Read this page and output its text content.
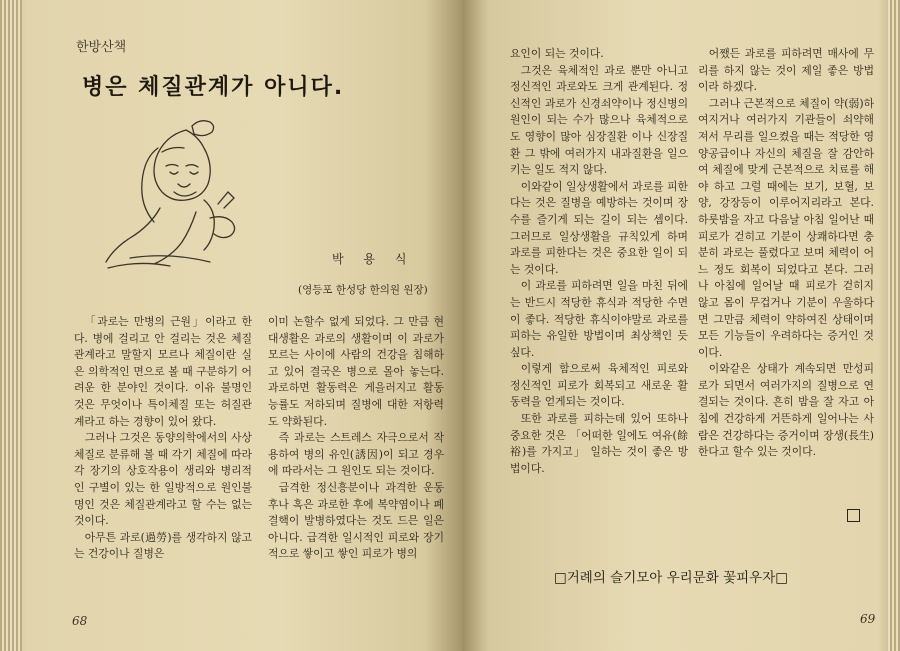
한방산책
병은 체질관계가 아니다.
박 용 식
(영등포 한성당 한의원 원장)

「과로는 만병의 근원」이라고 한다. 병에 걸리고 안 걸리는 것은 체질관계라고 말할지 모르나 체질이란 실은 의학적인 면으로 볼 때 구분하기 어려운 한 분야인 것이다. 이유 불명인 것은 무엇이나 특이체질 또는 허질관계라고 하는 경향이 있어 왔다.

그러나 그것은 동양의학에서의 사상체질로 분류해 볼 때 각기 체질에 따라 각 장기의 상호작용이 생리와 병리적인 구별이 있는 한 일방적으로 원인불명인 것은 체질관계라고 할 수는 없는 것이다.

아무튼 과로(過勞)를 생각하지 않고는 건강이나 질병은

이미 논할수 없게 되었다. 그 만큼 현대생활은 과로의 생활이며 이 과로가 모르는 사이에 사람의 건강을 침해하고 있어 결국은 병으로 몰아 놓는다. 과로하면 활동력은 게을러지고 활동능률도 저하되며 질병에 대한 저항력도 약화된다.

즉 과로는 스트레스 자극으로서 작용하여 병의 유인(誘因)이 되고 경우에 따라서는 그 원인도 되는 것이다.

급격한 정신흥분이나 과격한 운동후나 혹은 과로한 후에 복약염이나 폐결핵이 발병하였다는 것도 드믄 일은 아니다. 급격한 일시적인 피로와 장기적으로 쌓이고 쌓인 피로가 병의

68

요인이 되는 것이다.

그것은 육체적인 과로 뿐만 아니고 정신적인 과로와도 크게 관계된다. 정신적인 과로가 신경쇠약이나 정신병의 원인이 되는 수가 많으나 육체적으로도 영향이 많아 심장질환 이나 신장질환 그 밖에 여러가지 내과질환을 일으키는 일도 적지 않다.

이와같이 일상생활에서 과로를 피한다는 것은 질병을 예방하는 것이며 장수를 즐기게 되는 길이 되는 셈이다. 그러므로 일상생활을 규칙있게 하며 과로를 피한다는 것은 중요한 일이 되는 것이다.

이 과로를 피하려면 일을 마친 뒤에는 반드시 적당한 휴식과 적당한 수면이 좋다. 적당한 휴식이야말로 과로를 피하는 유일한 방법이며 최상책인 듯 싶다.

이렇게 함으로써 육체적인 피로와 정신적인 피로가 회복되고 새로운 활동력을 얻게되는 것이다.

또한 과로를 피하는데 있어 또하나 중요한 것은 「어떠한 일에도 여유(餘裕)를 가지고」 일하는 것이 좋은 방법이다.

어쨌든 과로를 피하려면 매사에 무리를 하지 않는 것이 제일 좋은 방법이라 하겠다.

그러나 근본적으로 체질이 약(弱)하여지거나 여러가지 기관들이 쇠약해져서 무리를 일으켰을 때는 적당한 영양공급이나 자신의 체질을 잘 감안하여 체질에 맞게 근본적으로 치료를 해야 하고 그럴 때에는 보기, 보혈, 보양, 강장등이 이루어지리라고 본다. 하룻밤을 자고 다음날 아침 일어난 때 피로가 걷히고 기분이 상쾌하다면 충분히 과로는 풀렸다고 보며 체력이 어느 정도 회복이 되었다고 본다. 그러나 아침에 일어날 때 피로가 걷히지 않고 몸이 무겁거나 기분이 우울하다면 그만큼 체력이 약하여진 상태이며 모든 기능들이 우려하다는 증거인 것이다.

이와같은 상태가 계속되면 만성피로가 되면서 여러가지의 질병으로 연결되는 것이다. 흔히 밤을 잘 자고 아침에 건강하게 거뜬하게 일어나는 사람은 건강하다는 증거이며 장생(長生)한다고 할수 있는 것이다.

□거례의 슬기모아 우리문화 꽃피우자□
69
